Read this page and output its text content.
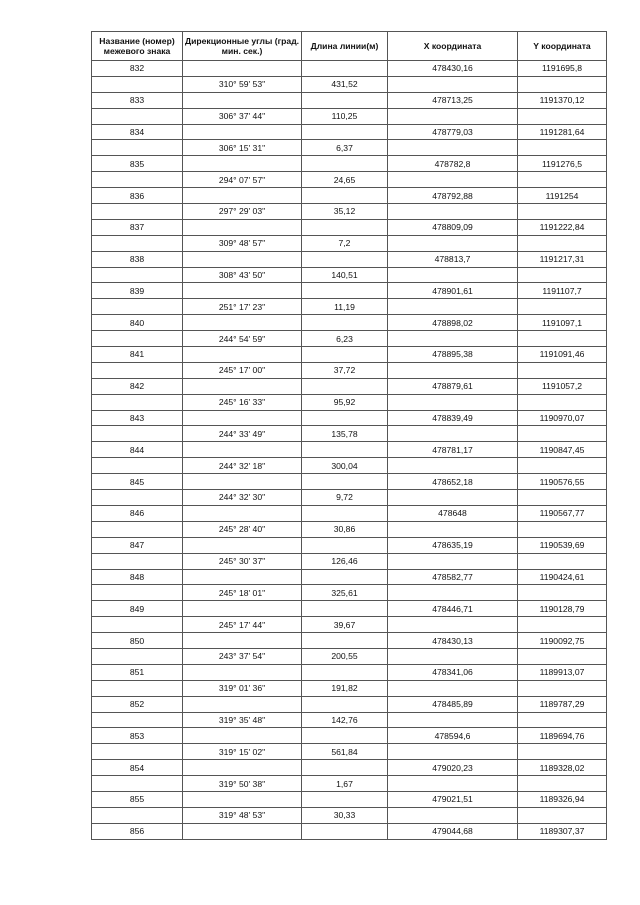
Название (номер) межевого знака	Дирекционные углы (град. мин. сек.)	Длина линии(м)	X координата	Y координата
832			478430,16	1191695,8
	310° 59' 53"	431,52		
833			478713,25	1191370,12
	306° 37' 44"	110,25		
834			478779,03	1191281,64
	306° 15' 31"	6,37		
835			478782,8	1191276,5
	294° 07' 57"	24,65		
836			478792,88	1191254
	297° 29' 03"	35,12		
837			478809,09	1191222,84
	309° 48' 57"	7,2		
838			478813,7	1191217,31
	308° 43' 50"	140,51		
839			478901,61	1191107,7
	251° 17' 23"	11,19		
840			478898,02	1191097,1
	244° 54' 59"	6,23		
841			478895,38	1191091,46
	245° 17' 00"	37,72		
842			478879,61	1191057,2
	245° 16' 33"	95,92		
843			478839,49	1190970,07
	244° 33' 49"	135,78		
844			478781,17	1190847,45
	244° 32' 18"	300,04		
845			478652,18	1190576,55
	244° 32' 30"	9,72		
846			478648	1190567,77
	245° 28' 40"	30,86		
847			478635,19	1190539,69
	245° 30' 37"	126,46		
848			478582,77	1190424,61
	245° 18' 01"	325,61		
849			478446,71	1190128,79
	245° 17' 44"	39,67		
850			478430,13	1190092,75
	243° 37' 54"	200,55		
851			478341,06	1189913,07
	319° 01' 36"	191,82		
852			478485,89	1189787,29
	319° 35' 48"	142,76		
853			478594,6	1189694,76
	319° 15' 02"	561,84		
854			479020,23	1189328,02
	319° 50' 38"	1,67		
855			479021,51	1189326,94
	319° 48' 53"	30,33		
856			479044,68	1189307,37
